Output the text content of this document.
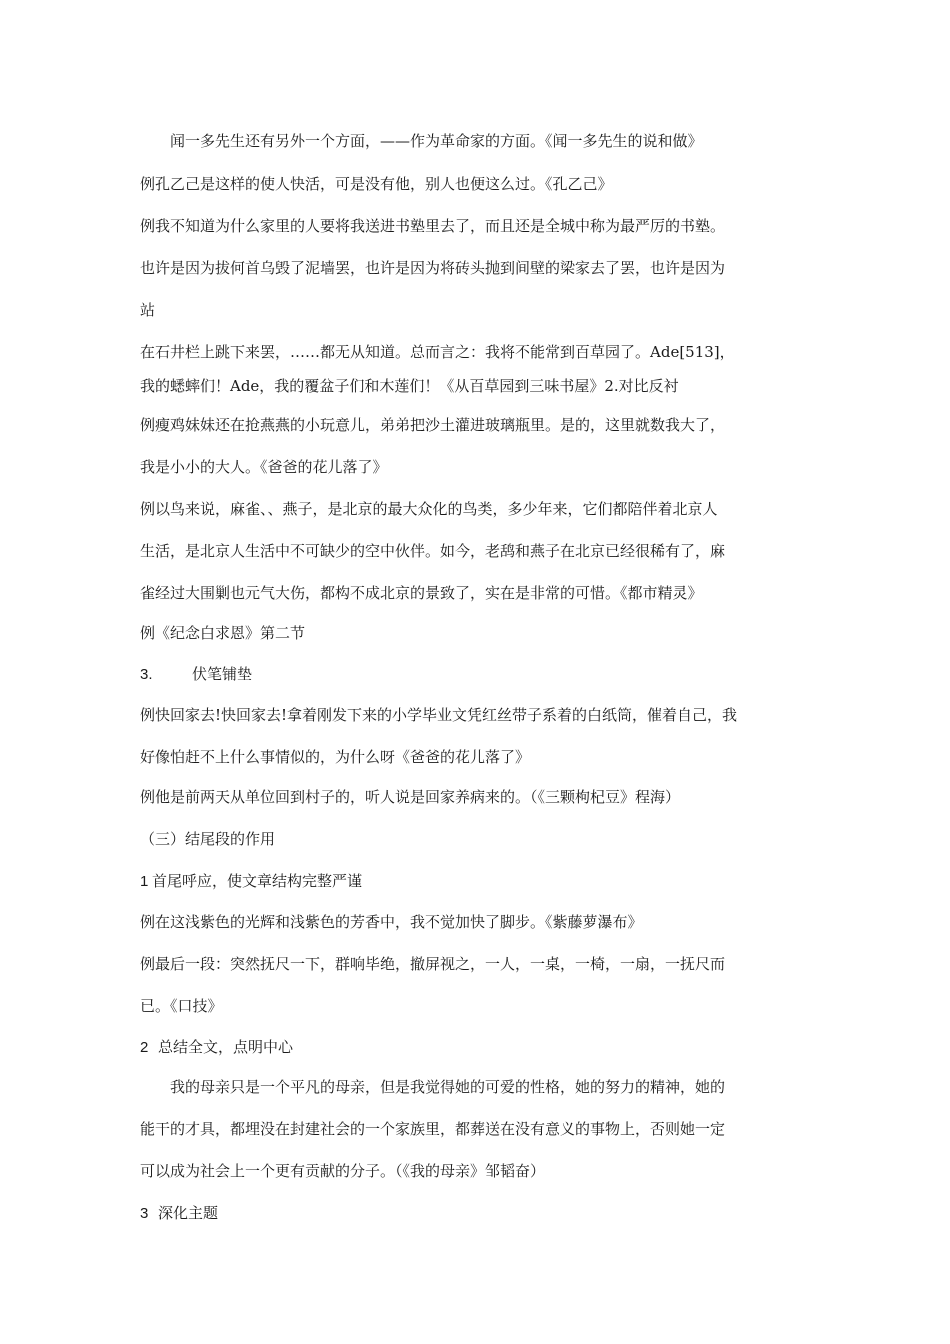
闻一多先生还有另外一个方面，——作为革命家的方面。《闻一多先生的说和做》
例孔乙己是这样的使人快活，可是没有他，别人也便这么过。《孔乙己》
例我不知道为什么家里的人要将我送进书塾里去了，而且还是全城中称为最严厉的书塾。
也许是因为拔何首乌毁了泥墙罢，也许是因为将砖头抛到间壁的梁家去了罢，也许是因为
站
在石井栏上跳下来罢，……都无从知道。总而言之：我将不能常到百草园了。Ade[513]，
我的蟋蟀们！Ade，我的覆盆子们和木莲们！《从百草园到三味书屋》2.对比反衬
例瘦鸡妹妹还在抢燕燕的小玩意儿，弟弟把沙土灌进玻璃瓶里。是的，这里就数我大了，
我是小小的大人。《爸爸的花儿落了》
例以鸟来说，麻雀、、燕子，是北京的最大众化的鸟类，多少年来，它们都陪伴着北京人
生活，是北京人生活中不可缺少的空中伙伴。如今，老鸹和燕子在北京已经很稀有了，麻
雀经过大围剿也元气大伤，都构不成北京的景致了，实在是非常的可惜。《都市精灵》
例《纪念白求恩》第二节
3.	伏笔铺垫
例快回家去!快回家去!拿着刚发下来的小学毕业文凭红丝带子系着的白纸筒，催着自己，我
好像怕赶不上什么事情似的，为什么呀《爸爸的花儿落了》
例他是前两天从单位回到村子的，听人说是回家养病来的。（《三颗枸杞豆》程海）
（三）结尾段的作用
1 首尾呼应，使文章结构完整严谨
例在这浅紫色的光辉和浅紫色的芳香中，我不觉加快了脚步。《紫藤萝瀑布》
例最后一段：突然抚尺一下，群响毕绝，撤屏视之，一人，一桌，一椅，一扇，一抚尺而
已。《口技》
2 总结全文，点明中心
我的母亲只是一个平凡的母亲，但是我觉得她的可爱的性格，她的努力的精神，她的
能干的才具，都埋没在封建社会的一个家族里，都葬送在没有意义的事物上，否则她一定
可以成为社会上一个更有贡献的分子。（《我的母亲》邹韬奋）
3 深化主题
